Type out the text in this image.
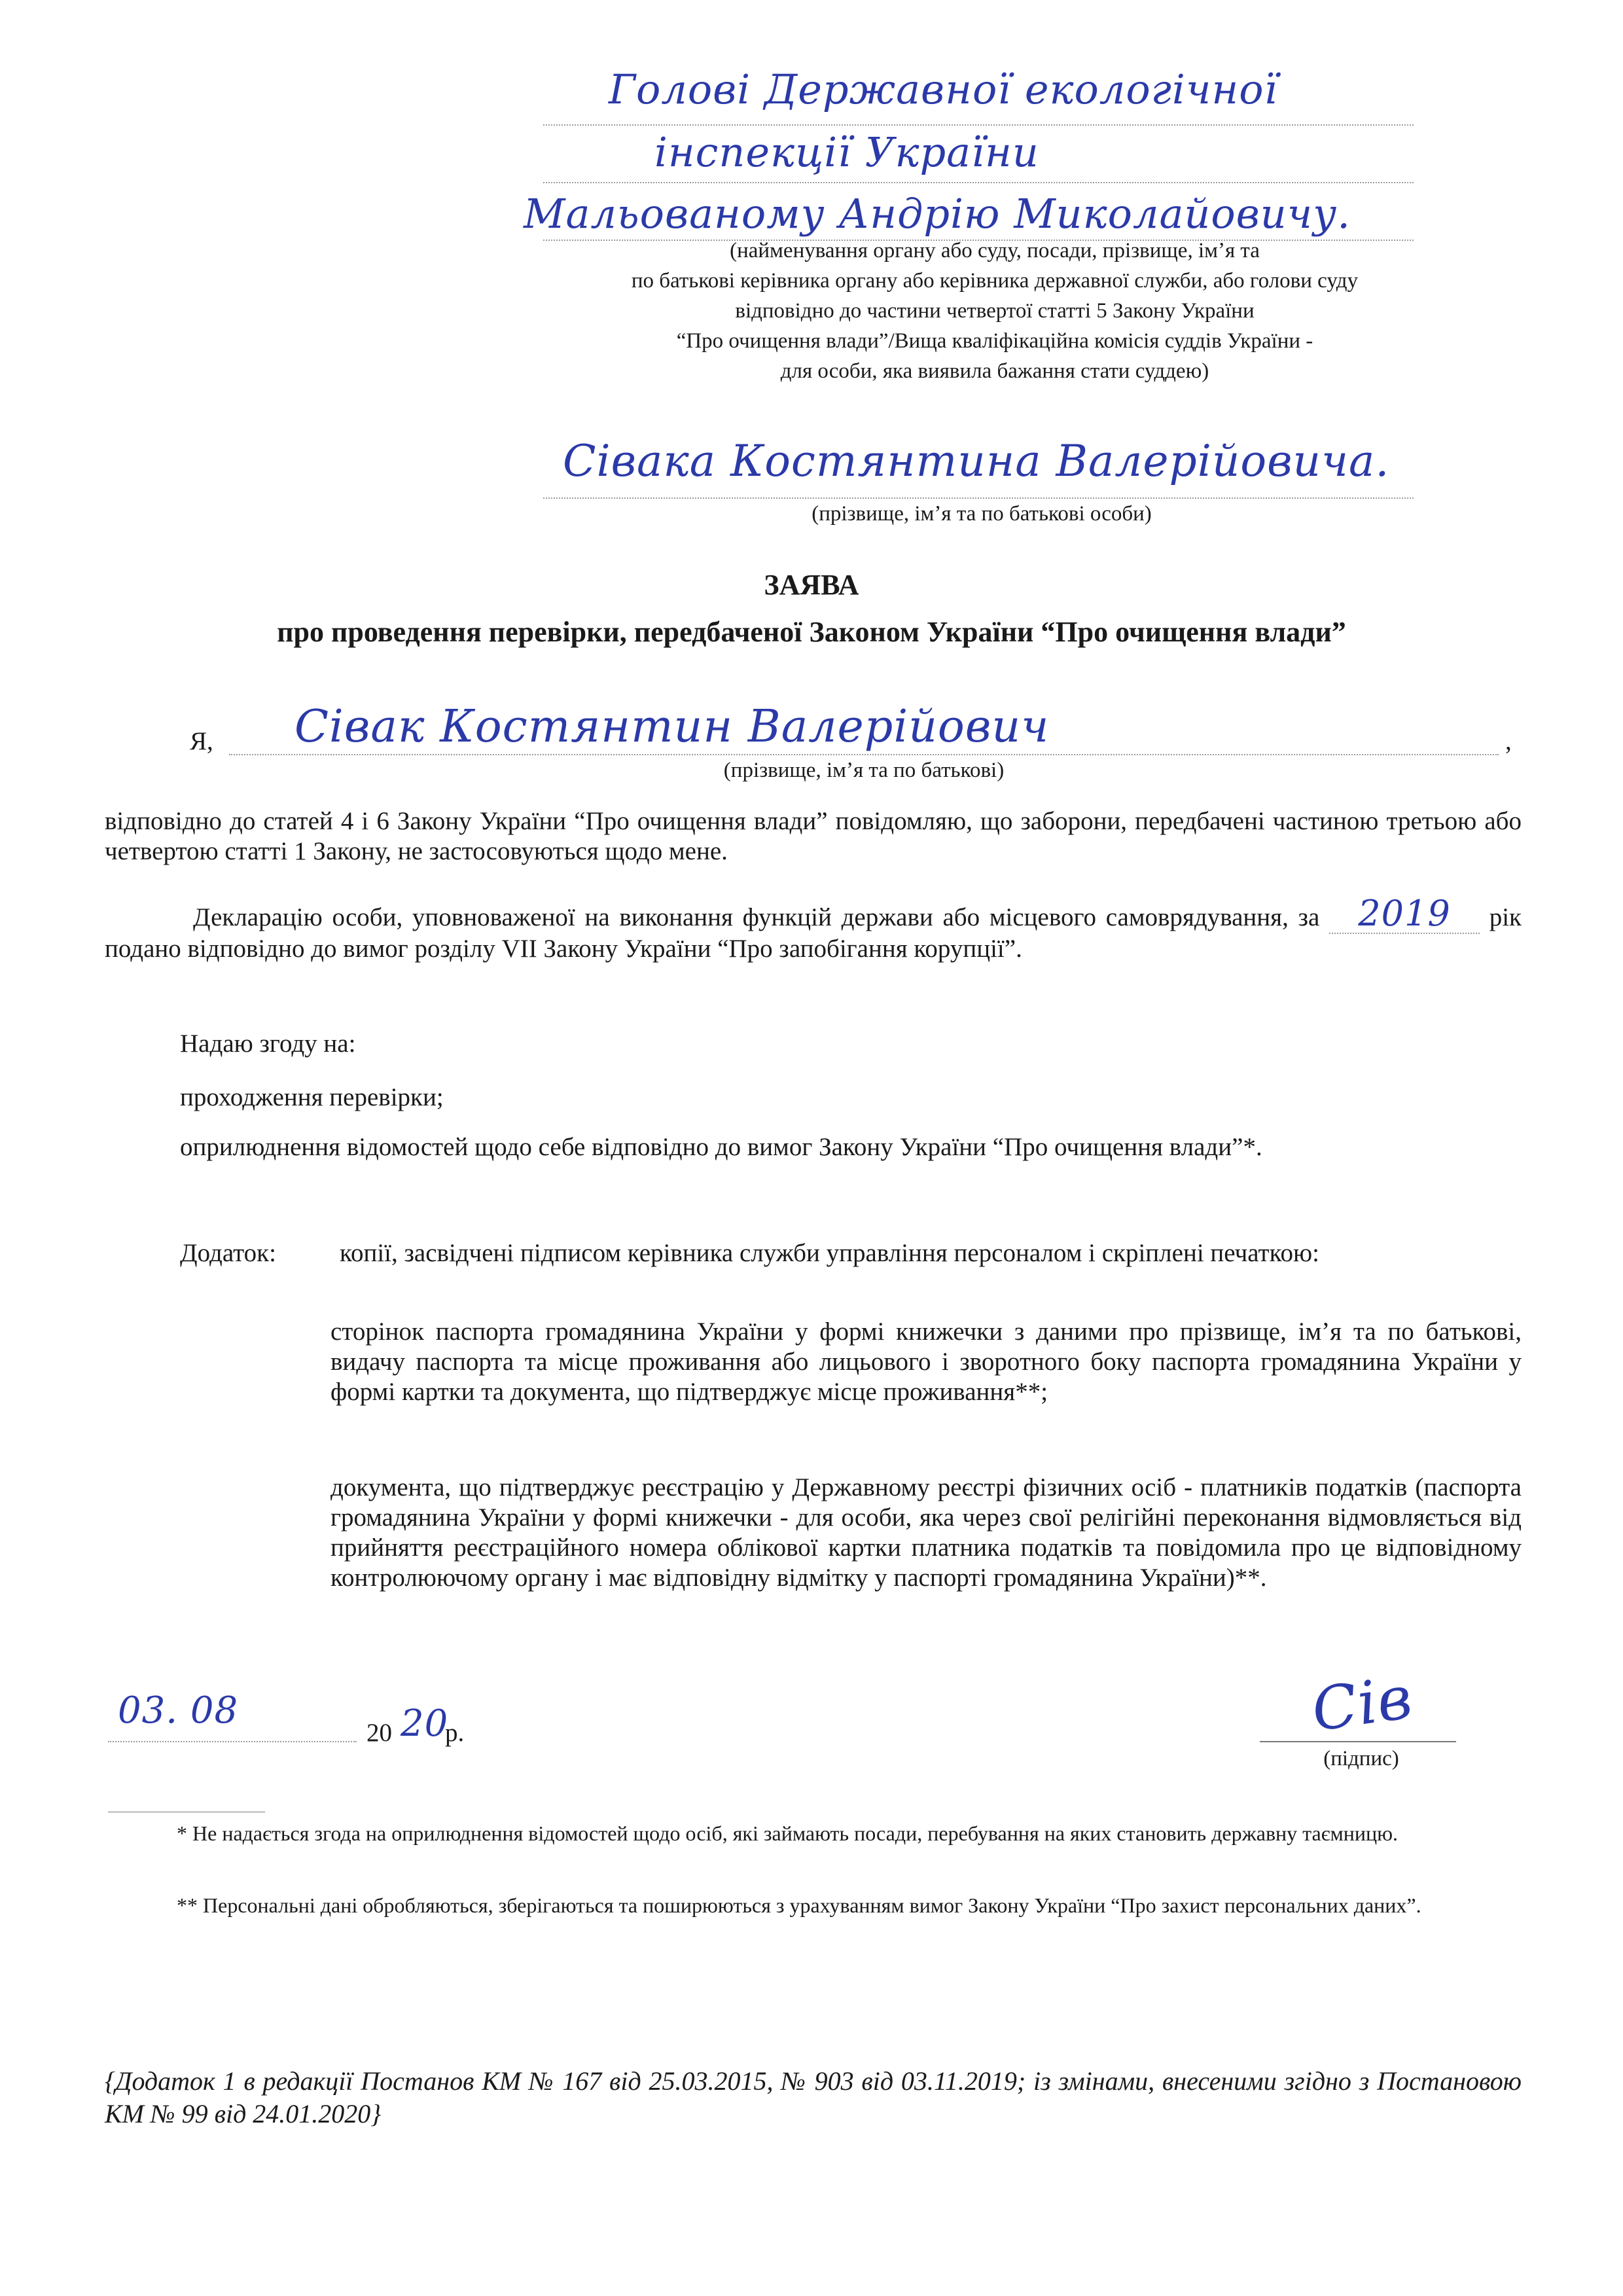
Голові Державної екологічної
інспекції України
Мальованому Андрію Миколайовичу.
(найменування органу або суду, посади, прізвище, імʼя та
по батькові керівника органу або керівника державної служби, або голови суду
відповідно до частини четвертої статті 5 Закону України
“Про очищення влади”/Вища кваліфікаційна комісія суддів України -
для особи, яка виявила бажання стати суддею)
Сівака Костянтина Валерійовича.
(прізвище, імʼя та по батькові особи)
ЗАЯВА
про проведення перевірки, передбаченої Законом України “Про очищення влади”
Я, Сівак Костянтин Валерійович	,
(прізвище, імʼя та по батькові)
відповідно до статей 4 і 6 Закону України “Про очищення влади” повідомляю, що заборони, передбачені частиною третьою або четвертою статті 1 Закону, не застосовуються щодо мене.
Декларацію особи, уповноваженої на виконання функцій держави або місцевого самоврядування, за 2019 рік подано відповідно до вимог розділу VII Закону України “Про запобігання корупції”.
Надаю згоду на:
проходження перевірки;
оприлюднення відомостей щодо себе відповідно до вимог Закону України “Про очищення влади”*.
Додаток:	копії, засвідчені підписом керівника служби управління персоналом і скріплені печаткою:
сторінок паспорта громадянина України у формі книжечки з даними про прізвище, імʼя та по батькові, видачу паспорта та місце проживання або лицьового і зворотного боку паспорта громадянина України у формі картки та документа, що підтверджує місце проживання**;
документа, що підтверджує реєстрацію у Державному реєстрі фізичних осіб - платників податків (паспорта громадянина України у формі книжечки - для особи, яка через свої релігійні переконання відмовляється від прийняття реєстраційного номера облікової картки платника податків та повідомила про це відповідному контролюючому органу і має відповідну відмітку у паспорті громадянина України)**.
03. 08
20 20
р.	Сів
(підпис)
* Не надається згода на оприлюднення відомостей щодо осіб, які займають посади, перебування на яких становить державну таємницю.
** Персональні дані обробляються, зберігаються та поширюються з урахуванням вимог Закону України “Про захист персональних даних”.
{Додаток 1 в редакції Постанов КМ № 167 від 25.03.2015, № 903 від 03.11.2019; із змінами, внесеними згідно з Постановою КМ № 99 від 24.01.2020}
